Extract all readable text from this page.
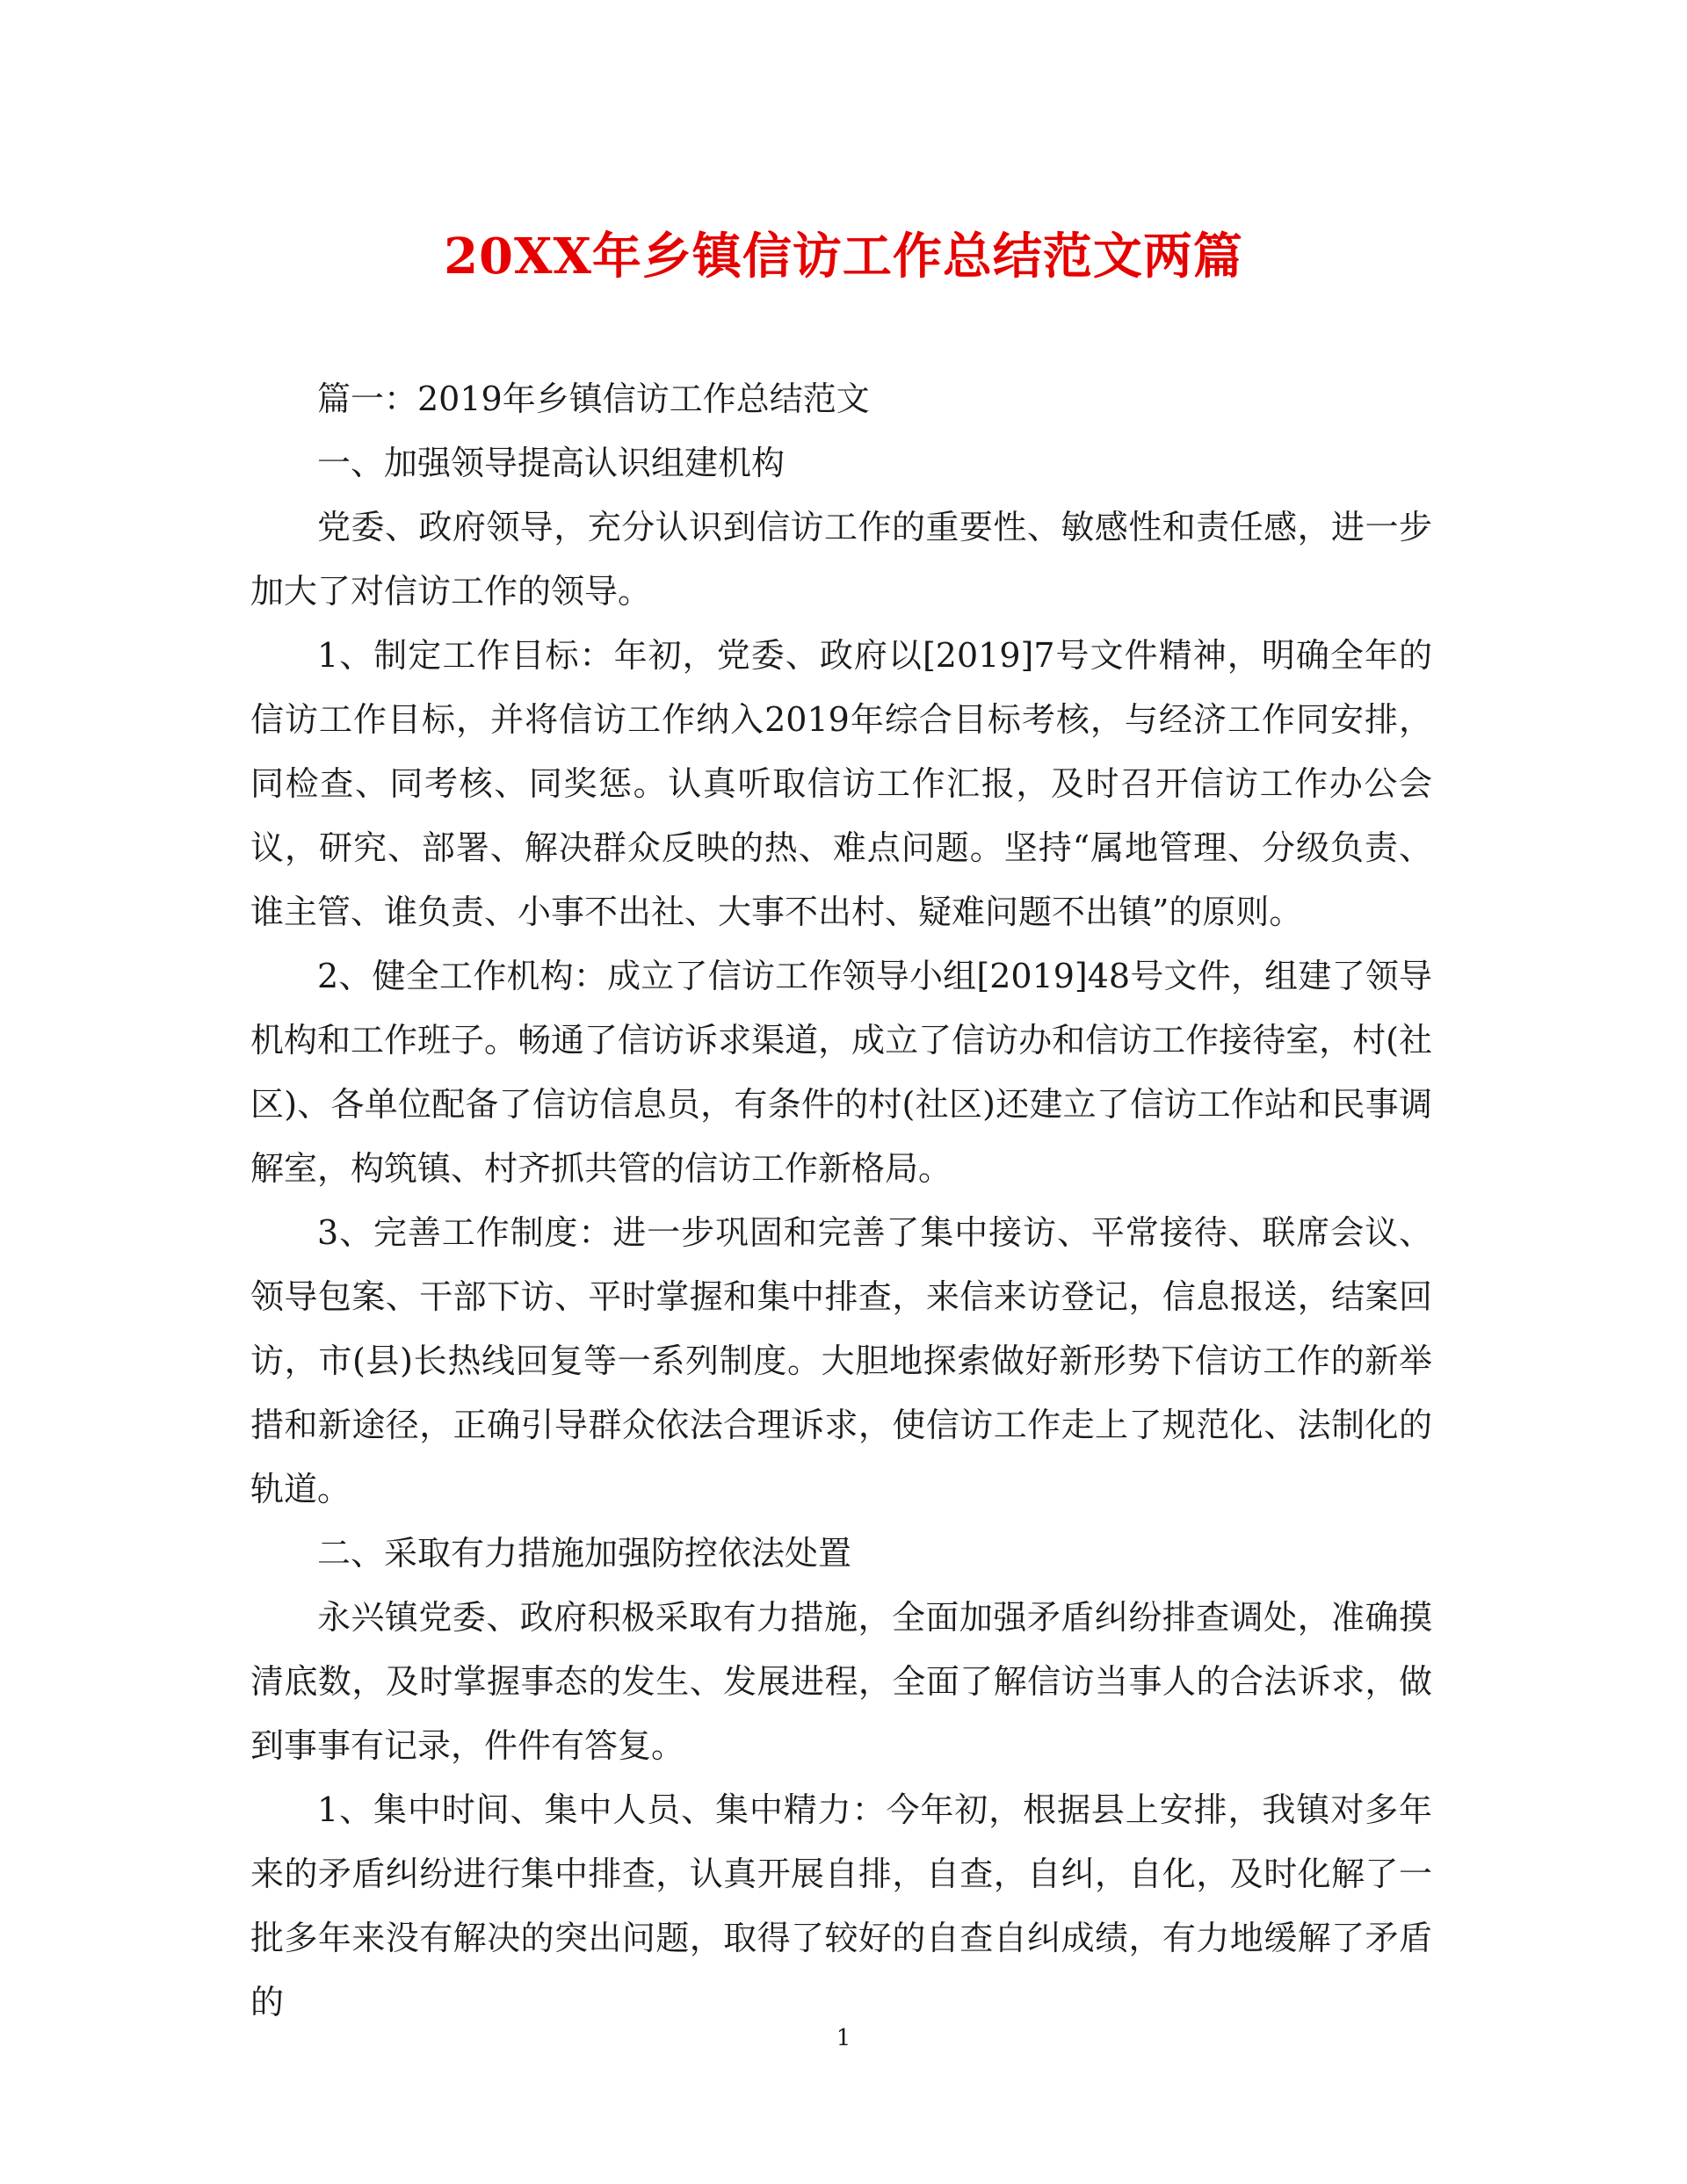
20XX年乡镇信访工作总结范文两篇

篇一：2019年乡镇信访工作总结范文

一、加强领导提高认识组建机构

党委、政府领导，充分认识到信访工作的重要性、敏感性和责任感，进一步加大了对信访工作的领导。

1、制定工作目标：年初，党委、政府以[2019]7号文件精神，明确全年的信访工作目标，并将信访工作纳入2019年综合目标考核，与经济工作同安排，同检查、同考核、同奖惩。认真听取信访工作汇报，及时召开信访工作办公会议，研究、部署、解决群众反映的热、难点问题。坚持“属地管理、分级负责、谁主管、谁负责、小事不出社、大事不出村、疑难问题不出镇”的原则。

2、健全工作机构：成立了信访工作领导小组[2019]48号文件，组建了领导机构和工作班子。畅通了信访诉求渠道，成立了信访办和信访工作接待室，村(社区)、各单位配备了信访信息员，有条件的村(社区)还建立了信访工作站和民事调解室，构筑镇、村齐抓共管的信访工作新格局。

3、完善工作制度：进一步巩固和完善了集中接访、平常接待、联席会议、领导包案、干部下访、平时掌握和集中排查，来信来访登记，信息报送，结案回访，市(县)长热线回复等一系列制度。大胆地探索做好新形势下信访工作的新举措和新途径，正确引导群众依法合理诉求，使信访工作走上了规范化、法制化的轨道。

二、采取有力措施加强防控依法处置

永兴镇党委、政府积极采取有力措施，全面加强矛盾纠纷排查调处，准确摸清底数，及时掌握事态的发生、发展进程，全面了解信访当事人的合法诉求，做到事事有记录，件件有答复。

1、集中时间、集中人员、集中精力：今年初，根据县上安排，我镇对多年来的矛盾纠纷进行集中排查，认真开展自排，自查，自纠，自化，及时化解了一批多年来没有解决的突出问题，取得了较好的自查自纠成绩，有力地缓解了矛盾的

1
